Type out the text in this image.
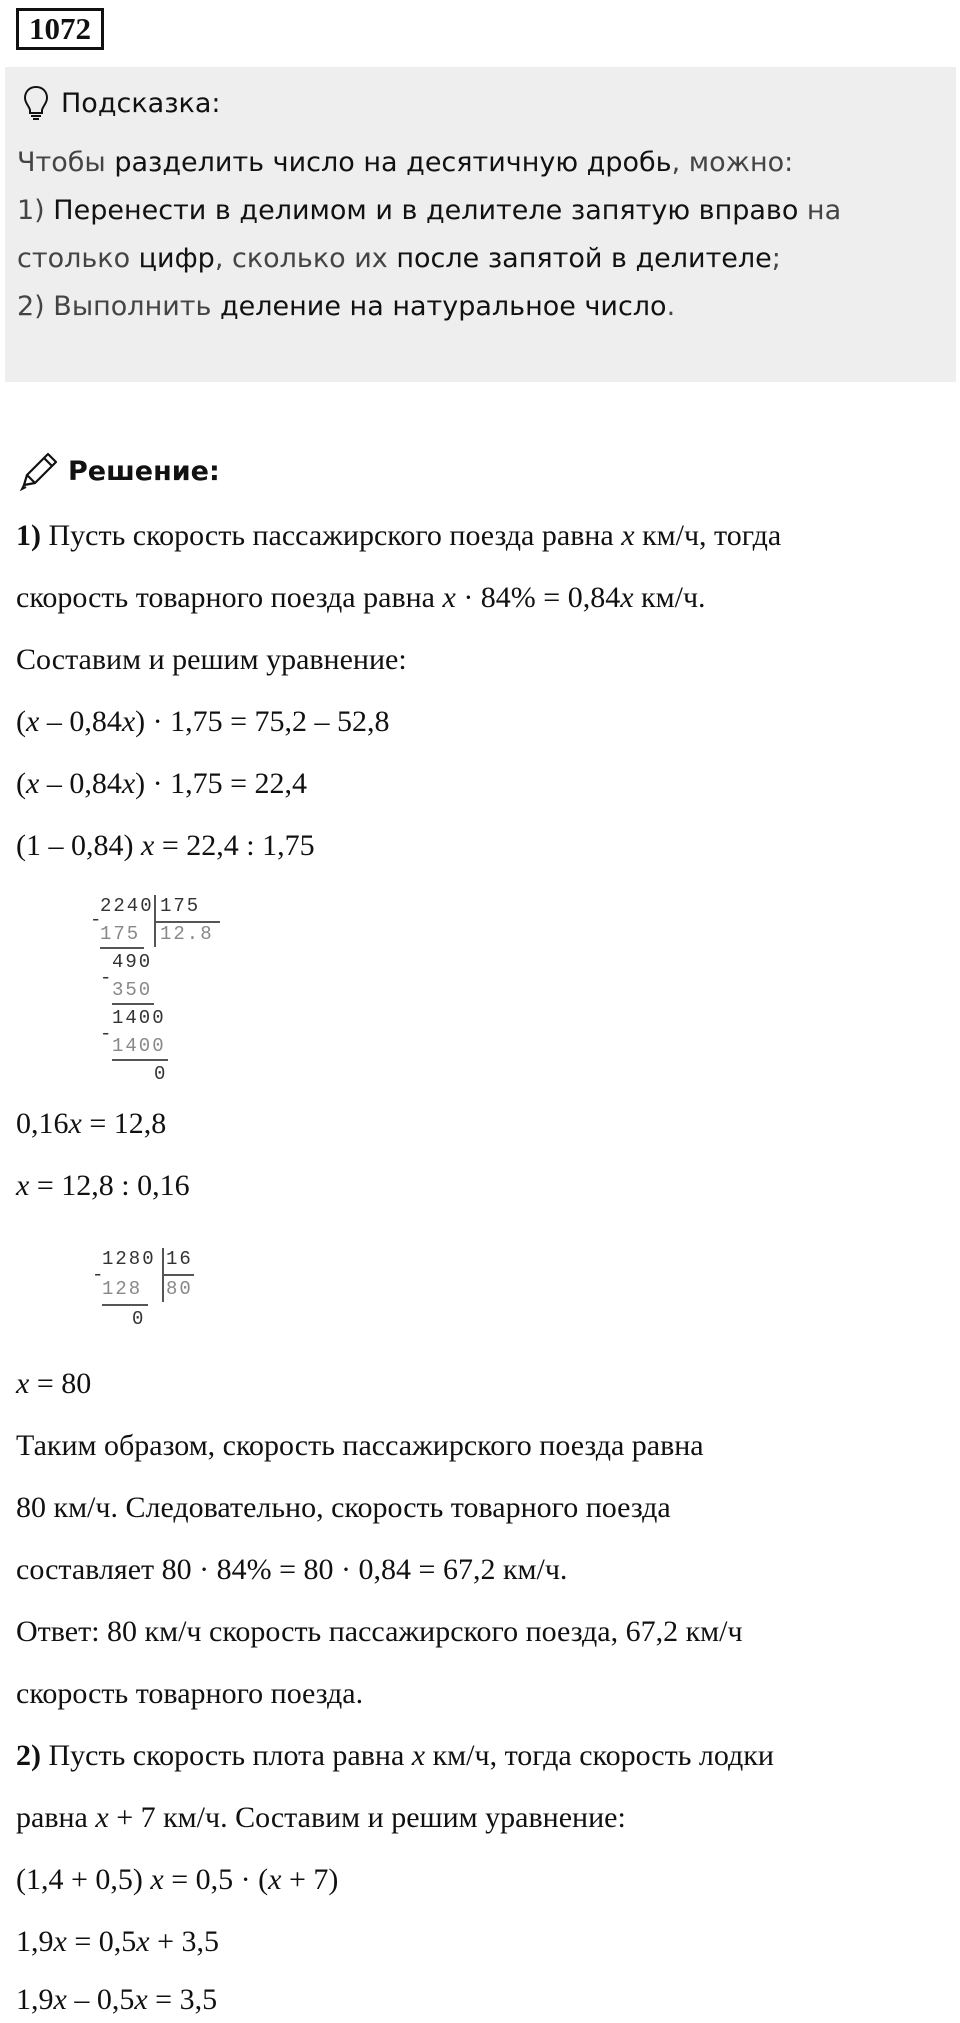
1072
Подсказка:
Чтобы разделить число на десятичную дробь, можно:
1) Перенести в делимом и в делителе запятую вправо на
столько цифр, сколько их после запятой в делителе;
2) Выполнить деление на натуральное число.
Решение:
1) Пусть скорость пассажирского поезда равна x км/ч, тогда
скорость товарного поезда равна x · 84% = 0,84x км/ч.
Составим и решим уравнение:
(x – 0,84x) · 1,75 = 75,2 – 52,8
(x – 0,84x) · 1,75 = 22,4
(1 – 0,84) x = 22,4 : 1,75
2240 175
12.8
-
175
490
-
350
1400
-
1400
0
0,16x = 12,8
x = 12,8 : 0,16
1280 16
80
-
128
0
x = 80
Таким образом, скорость пассажирского поезда равна
80 км/ч. Следовательно, скорость товарного поезда
составляет 80 · 84% = 80 · 0,84 = 67,2 км/ч.
Ответ: 80 км/ч скорость пассажирского поезда, 67,2 км/ч
скорость товарного поезда.
2) Пусть скорость плота равна x км/ч, тогда скорость лодки
равна x + 7 км/ч. Составим и решим уравнение:
(1,4 + 0,5) x = 0,5 · (x + 7)
1,9x = 0,5x + 3,5
1,9x – 0,5x = 3,5
